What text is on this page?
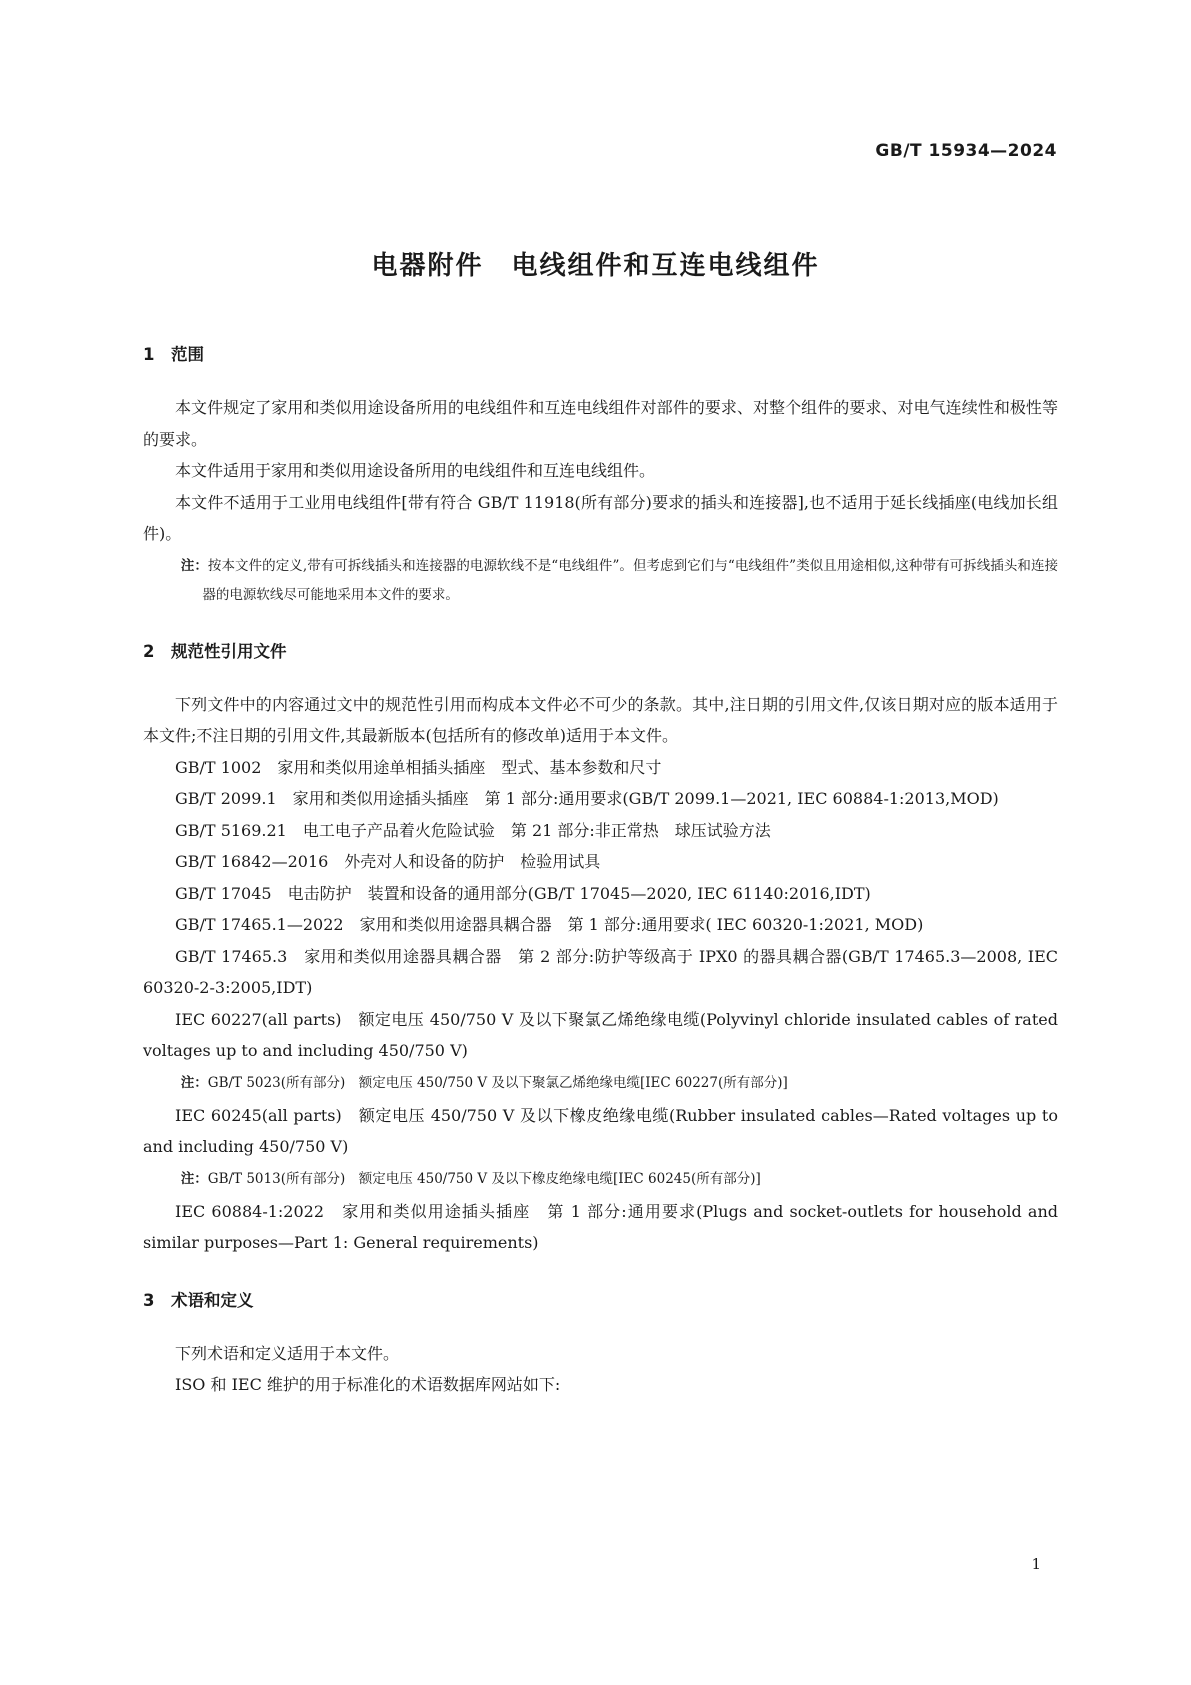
GB/T 15934—2024
电器附件　电线组件和互连电线组件
1　范围

本文件规定了家用和类似用途设备所用的电线组件和互连电线组件对部件的要求、对整个组件的要求、对电气连续性和极性等的要求。

本文件适用于家用和类似用途设备所用的电线组件和互连电线组件。

本文件不适用于工业用电线组件[带有符合 GB/T 11918(所有部分)要求的插头和连接器],也不适用于延长线插座(电线加长组件)。

注：按本文件的定义,带有可拆线插头和连接器的电源软线不是“电线组件”。但考虑到它们与“电线组件”类似且用途相似,这种带有可拆线插头和连接器的电源软线尽可能地采用本文件的要求。

2　规范性引用文件

下列文件中的内容通过文中的规范性引用而构成本文件必不可少的条款。其中,注日期的引用文件,仅该日期对应的版本适用于本文件;不注日期的引用文件,其最新版本(包括所有的修改单)适用于本文件。

GB/T 1002　家用和类似用途单相插头插座　型式、基本参数和尺寸

GB/T 2099.1　家用和类似用途插头插座　第 1 部分:通用要求(GB/T 2099.1—2021, IEC 60884-1:2013,MOD)

GB/T 5169.21　电工电子产品着火危险试验　第 21 部分:非正常热　球压试验方法

GB/T 16842—2016　外壳对人和设备的防护　检验用试具

GB/T 17045　电击防护　装置和设备的通用部分(GB/T 17045—2020, IEC 61140:2016,IDT)

GB/T 17465.1—2022　家用和类似用途器具耦合器　第 1 部分:通用要求( IEC 60320-1:2021, MOD)

GB/T 17465.3　家用和类似用途器具耦合器　第 2 部分:防护等级高于 IPX0 的器具耦合器(GB/T 17465.3—2008, IEC 60320-2-3:2005,IDT)

IEC 60227(all parts)　额定电压 450/750 V 及以下聚氯乙烯绝缘电缆(Polyvinyl chloride insulated cables of rated voltages up to and including 450/750 V)

注：GB/T 5023(所有部分)　额定电压 450/750 V 及以下聚氯乙烯绝缘电缆[IEC 60227(所有部分)]

IEC 60245(all parts)　额定电压 450/750 V 及以下橡皮绝缘电缆(Rubber insulated cables—Rated voltages up to and including 450/750 V)

注：GB/T 5013(所有部分)　额定电压 450/750 V 及以下橡皮绝缘电缆[IEC 60245(所有部分)]

IEC 60884-1:2022　家用和类似用途插头插座　第 1 部分:通用要求(Plugs and socket-outlets for household and similar purposes—Part 1: General requirements)

3　术语和定义

下列术语和定义适用于本文件。

ISO 和 IEC 维护的用于标准化的术语数据库网站如下:

1
